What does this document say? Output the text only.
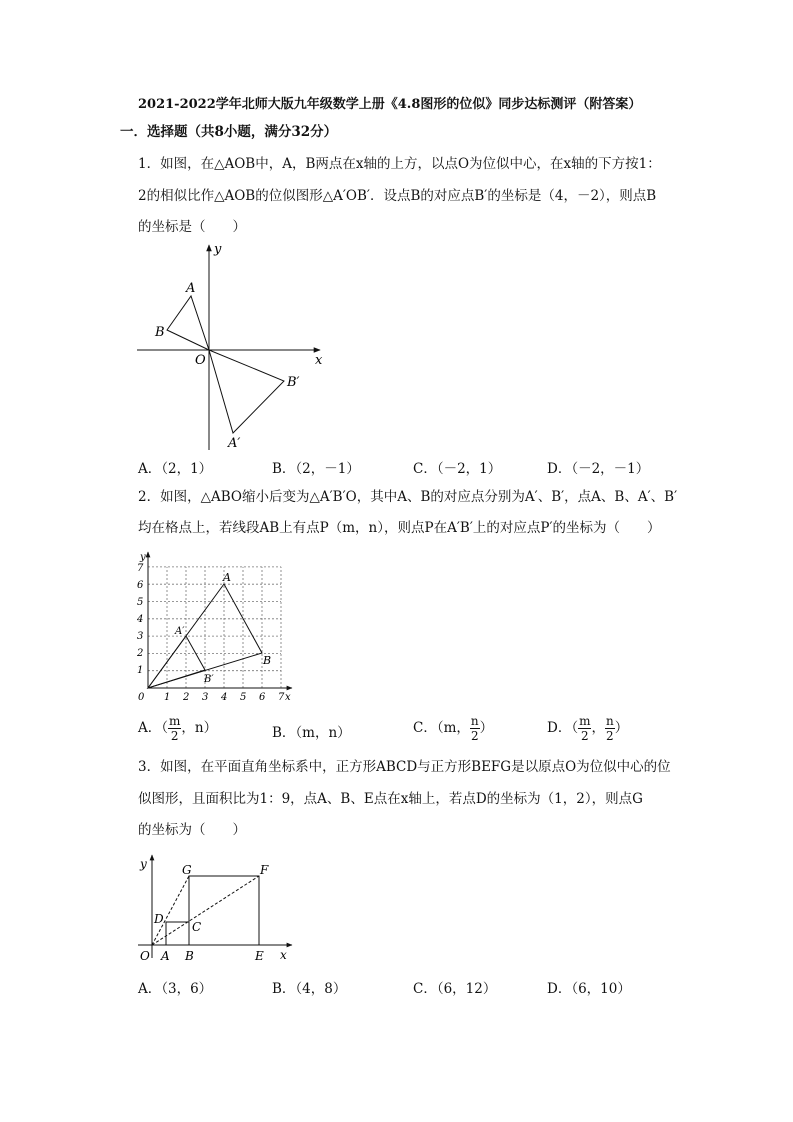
2021-2022学年北师大版九年级数学上册《4.8图形的位似》同步达标测评（附答案）
一．选择题（共8小题，满分32分）
1．如图，在△AOB中，A，B两点在x轴的上方，以点O为位似中心，在x轴的下方按1：
2的相似比作△AOB的位似图形△A′OB′．设点B的对应点B′的坐标是（4，－2），则点B
的坐标是（　　）
y
x
A
B
O
B′
A′
A．（2，1）	B．（2，－1）	C．（－2，1）	D．（－2，－1）
2．如图，△ABO缩小后变为△A′B′O，其中A、B的对应点分别为A′、B′，点A、B、A′、B′
均在格点上，若线段AB上有点P（m，n），则点P在A′B′上的对应点P′的坐标为（　　）
y
x
A
B
A′
B′
0 1 2 3 4 5 6 7
1
2
3
4
5
6
7
A．（ $\frac{m}{2}$ ，n）	B．（m，n）	C．（m， $\frac{n}{2}$ ）	D．（ $\frac{m}{2}$ ， $\frac{n}{2}$ ）
3．如图，在平面直角坐标系中，正方形ABCD与正方形BEFG是以原点O为位似中心的位
似图形，且面积比为1：9，点A、B、E点在x轴上，若点D的坐标为（1，2），则点G
的坐标为（　　）
y
x
O A B	E
C
D
G	F
A．（3，6）	B．（4，8）	C．（6，12）	D．（6，10）
